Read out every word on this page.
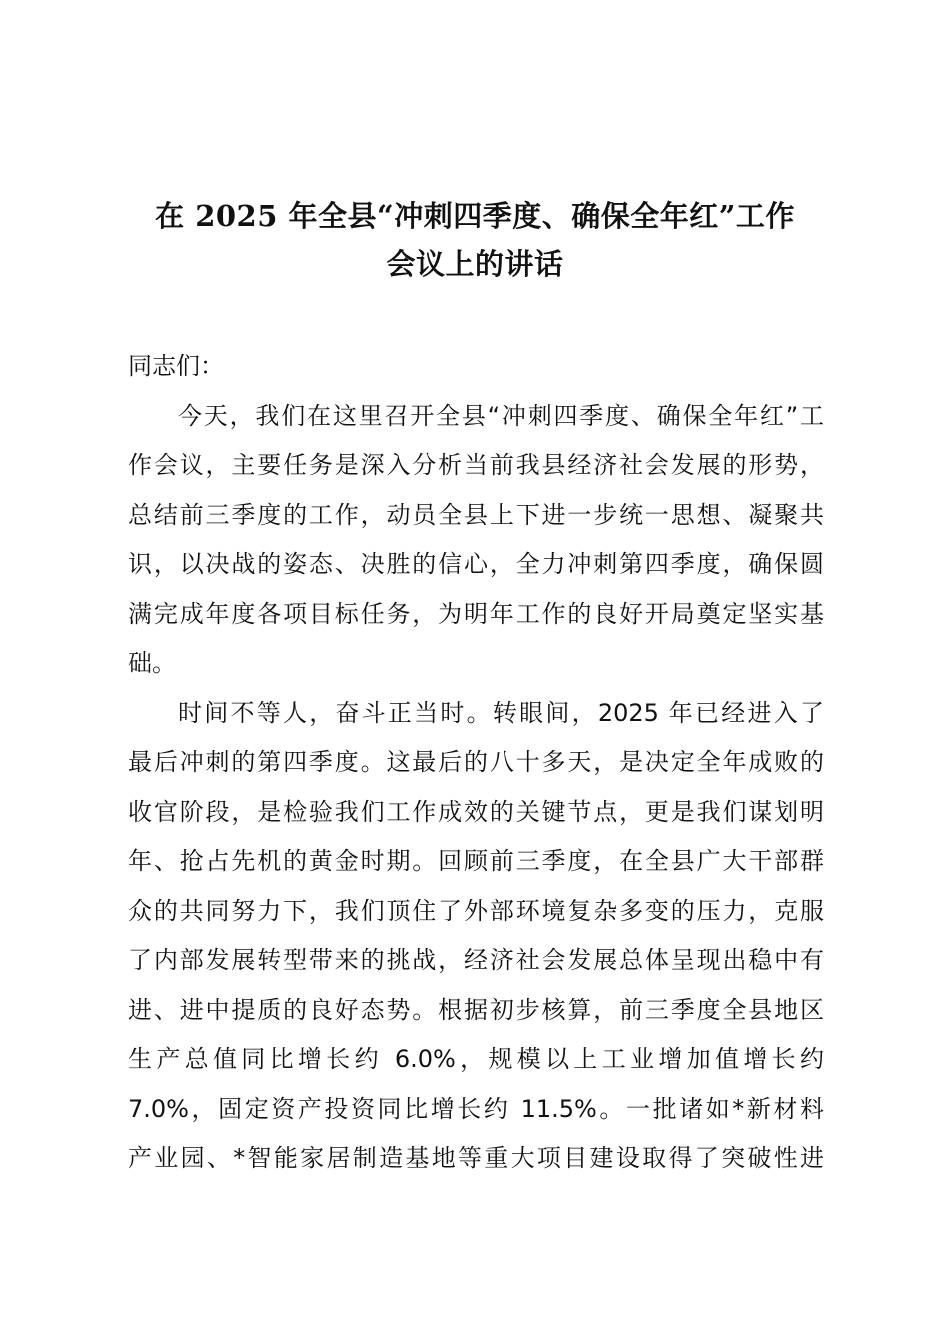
在 2025 年全县“冲刺四季度、确保全年红”工作
会议上的讲话
同志们：
今天，我们在这里召开全县“冲刺四季度、确保全年红”工
作会议，主要任务是深入分析当前我县经济社会发展的形势，
总结前三季度的工作，动员全县上下进一步统一思想、凝聚共
识，以决战的姿态、决胜的信心，全力冲刺第四季度，确保圆
满完成年度各项目标任务，为明年工作的良好开局奠定坚实基
础。
时间不等人，奋斗正当时。转眼间，2025 年已经进入了
最后冲刺的第四季度。这最后的八十多天，是决定全年成败的
收官阶段，是检验我们工作成效的关键节点，更是我们谋划明
年、抢占先机的黄金时期。回顾前三季度，在全县广大干部群
众的共同努力下，我们顶住了外部环境复杂多变的压力，克服
了内部发展转型带来的挑战，经济社会发展总体呈现出稳中有
进、进中提质的良好态势。根据初步核算，前三季度全县地区
生产总值同比增长约 6.0%，规模以上工业增加值增长约
7.0%，固定资产投资同比增长约 11.5%。一批诸如*新材料
产业园、*智能家居制造基地等重大项目建设取得了突破性进
